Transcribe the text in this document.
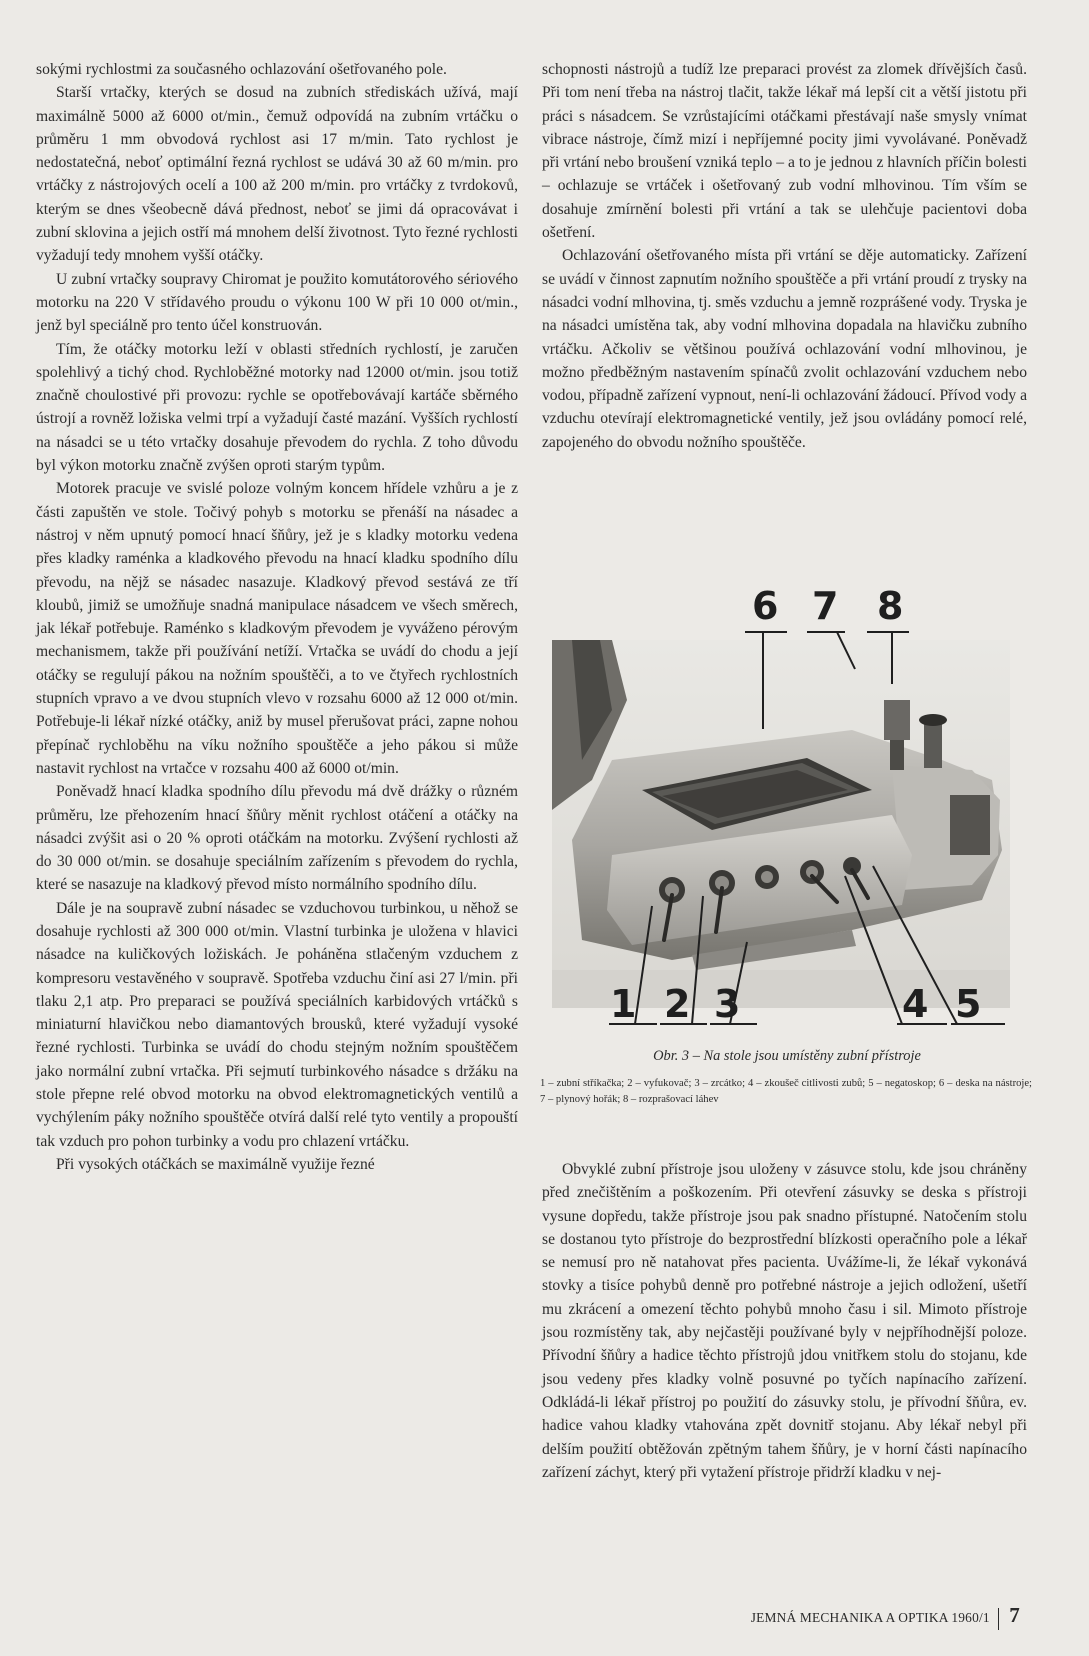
sokými rychlostmi za současného ochlazování ošetřovaného pole.

Starší vrtačky, kterých se dosud na zubních střediskách užívá, mají maximálně 5000 až 6000 ot/min., čemuž odpovídá na zubním vrtáčku o průměru 1 mm obvodová rychlost asi 17 m/min. Tato rychlost je nedostatečná, neboť optimální řezná rychlost se udává 30 až 60 m/min. pro vrtáčky z nástrojových ocelí a 100 až 200 m/min. pro vrtáčky z tvrdokovů, kterým se dnes všeobecně dává přednost, neboť se jimi dá opracovávat i zubní sklovina a jejich ostří má mnohem delší životnost. Tyto řezné rychlosti vyžadují tedy mnohem vyšší otáčky.

U zubní vrtačky soupravy Chiromat je použito komutátorového sériového motorku na 220 V střídavého proudu o výkonu 100 W při 10 000 ot/min., jenž byl speciálně pro tento účel konstruován.

Tím, že otáčky motorku leží v oblasti středních rychlostí, je zaručen spolehlivý a tichý chod. Rychloběžné motorky nad 12000 ot/min. jsou totiž značně choulostivé při provozu: rychle se opotřebovávají kartáče sběrného ústrojí a rovněž ložiska velmi trpí a vyžadují časté mazání. Vyšších rychlostí na násadci se u této vrtačky dosahuje převodem do rychla. Z toho důvodu byl výkon motorku značně zvýšen oproti starým typům.

Motorek pracuje ve svislé poloze volným koncem hřídele vzhůru a je z části zapuštěn ve stole. Točivý pohyb s motorku se přenáší na násadec a nástroj v něm upnutý pomocí hnací šňůry, jež je s kladky motorku vedena přes kladky raménka a kladkového převodu na hnací kladku spodního dílu převodu, na nějž se násadec nasazuje. Kladkový převod sestává ze tří kloubů, jimiž se umožňuje snadná manipulace násadcem ve všech směrech, jak lékař potřebuje. Raménko s kladkovým převodem je vyváženo pérovým mechanismem, takže při používání netíží. Vrtačka se uvádí do chodu a její otáčky se regulují pákou na nožním spouštěči, a to ve čtyřech rychlostních stupních vpravo a ve dvou stupních vlevo v rozsahu 6000 až 12 000 ot/min. Potřebuje-li lékař nízké otáčky, aniž by musel přerušovat práci, zapne nohou přepínač rychloběhu na víku nožního spouštěče a jeho pákou si může nastavit rychlost na vrtačce v rozsahu 400 až 6000 ot/min.

Poněvadž hnací kladka spodního dílu převodu má dvě drážky o různém průměru, lze přehozením hnací šňůry měnit rychlost otáčení a otáčky na násadci zvýšit asi o 20 % oproti otáčkám na motorku. Zvýšení rychlosti až do 30 000 ot/min. se dosahuje speciálním zařízením s převodem do rychla, které se nasazuje na kladkový převod místo normálního spodního dílu.

Dále je na soupravě zubní násadec se vzduchovou turbinkou, u něhož se dosahuje rychlosti až 300 000 ot/min. Vlastní turbinka je uložena v hlavici násadce na kuličkových ložiskách. Je poháněna stlačeným vzduchem z kompresoru vestavěného v soupravě. Spotřeba vzduchu činí asi 27 l/min. při tlaku 2,1 atp. Pro preparaci se používá speciálních karbidových vrtáčků s miniaturní hlavičkou nebo diamantových brousků, které vyžadují vysoké řezné rychlosti. Turbinka se uvádí do chodu stejným nožním spouštěčem jako normální zubní vrtačka. Při sejmutí turbinkového násadce s držáku na stole přepne relé obvod motorku na obvod elektromagnetických ventilů a vychýlením páky nožního spouštěče otvírá další relé tyto ventily a propouští tak vzduch pro pohon turbinky a vodu pro chlazení vrtáčku.

Při vysokých otáčkách se maximálně využije řezné

schopnosti nástrojů a tudíž lze preparaci provést za zlomek dřívějších časů. Při tom není třeba na nástroj tlačit, takže lékař má lepší cit a větší jistotu při práci s násadcem. Se vzrůstajícími otáčkami přestávají naše smysly vnímat vibrace nástroje, čímž mizí i nepříjemné pocity jimi vyvolávané. Poněvadž při vrtání nebo broušení vzniká teplo – a to je jednou z hlavních příčin bolesti – ochlazuje se vrtáček i ošetřovaný zub vodní mlhovinou. Tím vším se dosahuje zmírnění bolesti při vrtání a tak se ulehčuje pacientovi doba ošetření.

Ochlazování ošetřovaného místa při vrtání se děje automaticky. Zařízení se uvádí v činnost zapnutím nožního spouštěče a při vrtání proudí z trysky na násadci vodní mlhovina, tj. směs vzduchu a jemně rozprášené vody. Tryska je na násadci umístěna tak, aby vodní mlhovina dopadala na hlavičku zubního vrtáčku. Ačkoliv se většinou používá ochlazování vodní mlhovinou, je možno předběžným nastavením spínačů zvolit ochlazování vzduchem nebo vodou, případně zařízení vypnout, není-li ochlazování žádoucí. Přívod vody a vzduchu otevírají elektromagnetické ventily, jež jsou ovládány pomocí relé, zapojeného do obvodu nožního spouštěče.

6 7 8
1 2 3	4 5
Obr. 3 – Na stole jsou umístěny zubní přístroje
1 – zubní stříkačka; 2 – vyfukovač; 3 – zrcátko; 4 – zkoušeč citlivosti zubů; 5 – negatoskop; 6 – deska na nástroje; 7 – plynový hořák; 8 – rozprašovací láhev

Obvyklé zubní přístroje jsou uloženy v zásuvce stolu, kde jsou chráněny před znečištěním a poškozením. Při otevření zásuvky se deska s přístroji vysune dopředu, takže přístroje jsou pak snadno přístupné. Natočením stolu se dostanou tyto přístroje do bezprostřední blízkosti operačního pole a lékař se nemusí pro ně natahovat přes pacienta. Uvážíme-li, že lékař vykonává stovky a tisíce pohybů denně pro potřebné nástroje a jejich odložení, ušetří mu zkrácení a omezení těchto pohybů mnoho času i sil. Mimoto přístroje jsou rozmístěny tak, aby nejčastěji používané byly v nejpříhodnější poloze. Přívodní šňůry a hadice těchto přístrojů jdou vnitřkem stolu do stojanu, kde jsou vedeny přes kladky volně posuvné po tyčích napínacího zařízení. Odkládá-li lékař přístroj po použití do zásuvky stolu, je přívodní šňůra, ev. hadice vahou kladky vtahována zpět dovnitř stojanu. Aby lékař nebyl při delším použití obtěžován zpětným tahem šňůry, je v horní části napínacího zařízení záchyt, který při vytažení přístroje přidrží kladku v nej-

JEMNÁ MECHANIKA A OPTIKA 1960/1 7
